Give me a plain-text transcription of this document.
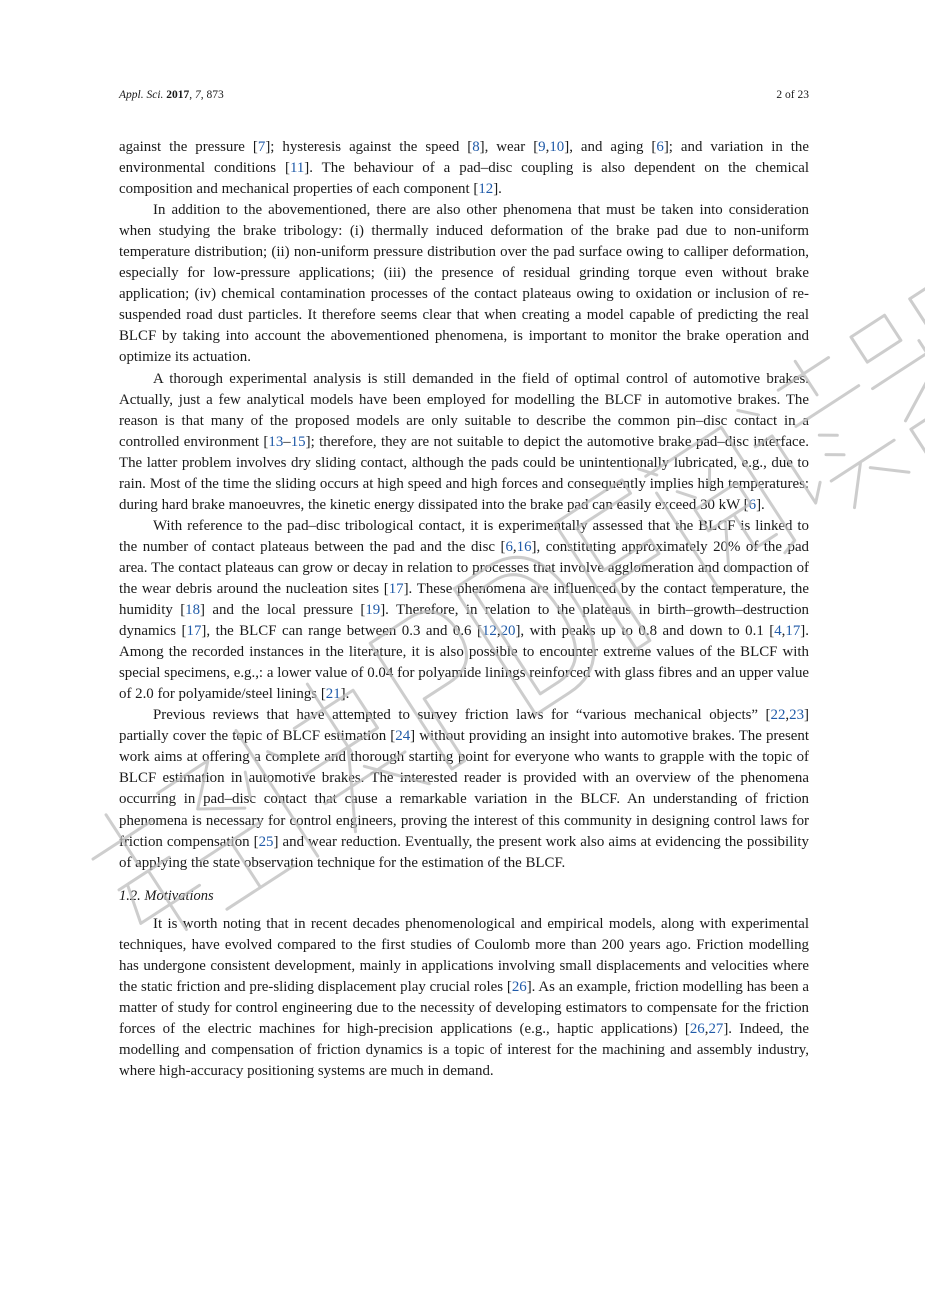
Appl. Sci. 2017, 7, 873	2 of 23

against the pressure [7]; hysteresis against the speed [8], wear [9,10], and aging [6]; and variation in the environmental conditions [11]. The behaviour of a pad–disc coupling is also dependent on the chemical composition and mechanical properties of each component [12].

In addition to the abovementioned, there are also other phenomena that must be taken into consideration when studying the brake tribology: (i) thermally induced deformation of the brake pad due to non-uniform temperature distribution; (ii) non-uniform pressure distribution over the pad surface owing to calliper deformation, especially for low-pressure applications; (iii) the presence of residual grinding torque even without brake application; (iv) chemical contamination processes of the contact plateaus owing to oxidation or inclusion of re-suspended road dust particles. It therefore seems clear that when creating a model capable of predicting the real BLCF by taking into account the abovementioned phenomena, is important to monitor the brake operation and optimize its actuation.

A thorough experimental analysis is still demanded in the field of optimal control of automotive brakes. Actually, just a few analytical models have been employed for modelling the BLCF in automotive brakes. The reason is that many of the proposed models are only suitable to describe the common pin–disc contact in a controlled environment [13–15]; therefore, they are not suitable to depict the automotive brake pad–disc interface. The latter problem involves dry sliding contact, although the pads could be unintentionally lubricated, e.g., due to rain. Most of the time the sliding occurs at high speed and high forces and consequently implies high temperatures: during hard brake manoeuvres, the kinetic energy dissipated into the brake pad can easily exceed 30 kW [6].

With reference to the pad–disc tribological contact, it is experimentally assessed that the BLCF is linked to the number of contact plateaus between the pad and the disc [6,16], constituting approximately 20% of the pad area. The contact plateaus can grow or decay in relation to processes that involve agglomeration and compaction of the wear debris around the nucleation sites [17]. These phenomena are influenced by the contact temperature, the humidity [18] and the local pressure [19]. Therefore, in relation to the plateaus in birth–growth–destruction dynamics [17], the BLCF can range between 0.3 and 0.6 [12,20], with peaks up to 0.8 and down to 0.1 [4,17]. Among the recorded instances in the literature, it is also possible to encounter extreme values of the BLCF with special specimens, e.g.,: a lower value of 0.04 for polyamide linings reinforced with glass fibres and an upper value of 2.0 for polyamide/steel linings [21].

Previous reviews that have attempted to survey friction laws for “various mechanical objects” [22,23] partially cover the topic of BLCF estimation [24] without providing an insight into automotive brakes. The present work aims at offering a complete and thorough starting point for everyone who wants to grapple with the topic of BLCF estimation in automotive brakes. The interested reader is provided with an overview of the phenomena occurring in pad–disc contact that cause a remarkable variation in the BLCF. An understanding of friction phenomena is necessary for control engineers, proving the interest of this community in designing control laws for friction compensation [25] and wear reduction. Eventually, the present work also aims at evidencing the possibility of applying the state observation technique for the estimation of the BLCF.

1.2. Motivations

It is worth noting that in recent decades phenomenological and empirical models, along with experimental techniques, have evolved compared to the first studies of Coulomb more than 200 years ago. Friction modelling has undergone consistent development, mainly in applications involving small displacements and velocities where the static friction and pre-sliding displacement play crucial roles [26]. As an example, friction modelling has been a matter of study for control engineering due to the necessity of developing estimators to compensate for the friction forces of the electric machines for high-precision applications (e.g., haptic applications) [26,27]. Indeed, the modelling and compensation of friction dynamics is a topic of interest for the machining and assembly industry, where high-accuracy positioning systems are much in demand.
